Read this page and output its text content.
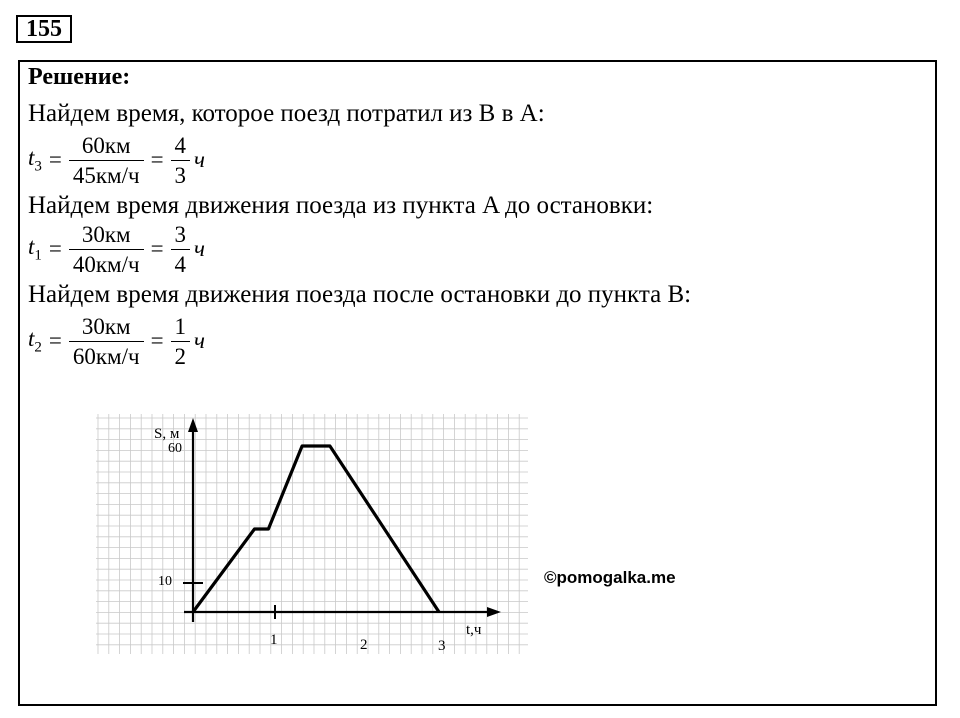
155
Решение:
Найдем время, которое поезд потратил из B в A:
$t_3 = \frac{60км}{45км/ч} = \frac{4}{3}$ ч
Найдем время движения поезда из пункта A до остановки:
$t_1 = \frac{30км}{40км/ч} = \frac{3}{4}$ ч
Найдем время движения поезда после остановки до пункта B:
$t_2 = \frac{30км}{60км/ч} = \frac{1}{2}$ ч
S, м
60
10
1	2	3
t,ч
©pomogalka.me
